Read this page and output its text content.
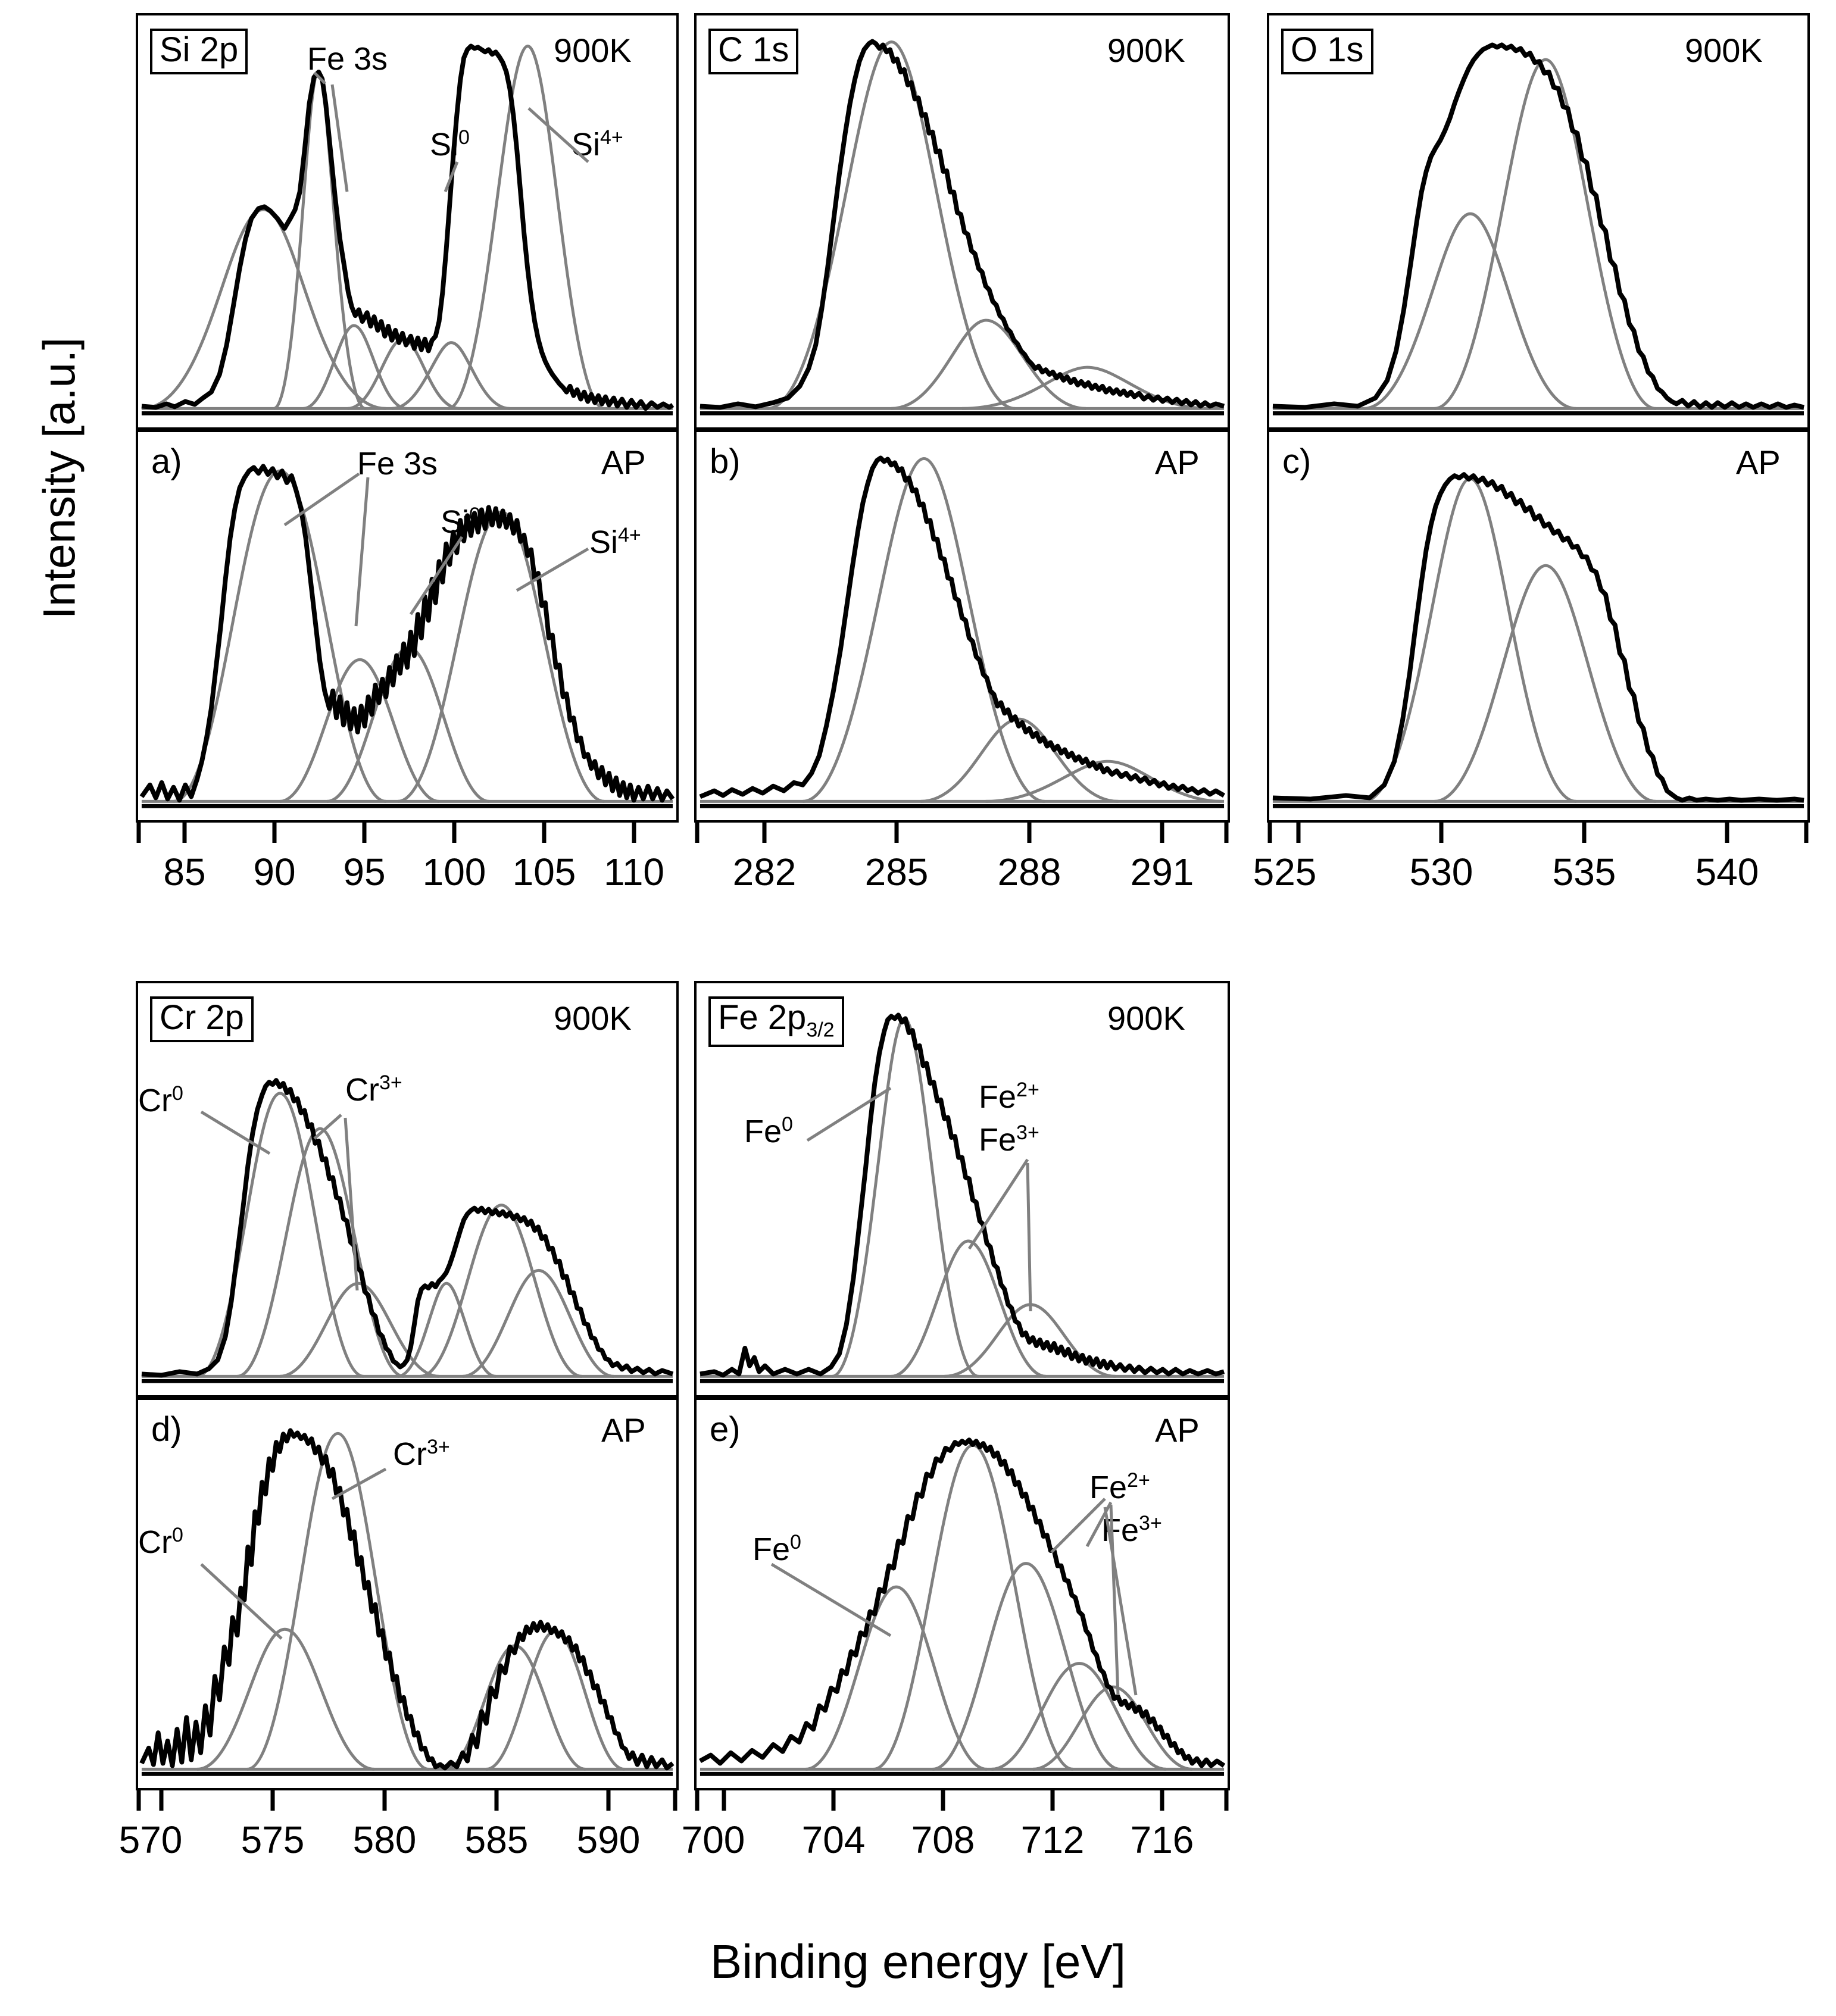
Intensity [a.u.]
Binding energy [eV]
Si 2p	900K
Fe 3s
Si$^0$	$Si^{4+}$
a)	AP
Fe 3s
Si$^0$
$Si^{4+}$
85 90 95 100 105 110
C 1s	900K
b)	AP
282 285 288 291
O 1s	900K
c)	AP
525 530 535 540
Cr 2p	900K
Cr$^0$	$Cr^{3+}$
d)	AP
$Cr^{3+}$
Cr$^0$
570 575 580 585 590
Fe $2p_{3/2}$	900K
Fe$^0$
$Fe^{2+}$
$Fe^{3+}$
e)	AP
$Fe^{2+}$
$Fe^{3+}$
Fe$^0$
700 704 708 712 716
